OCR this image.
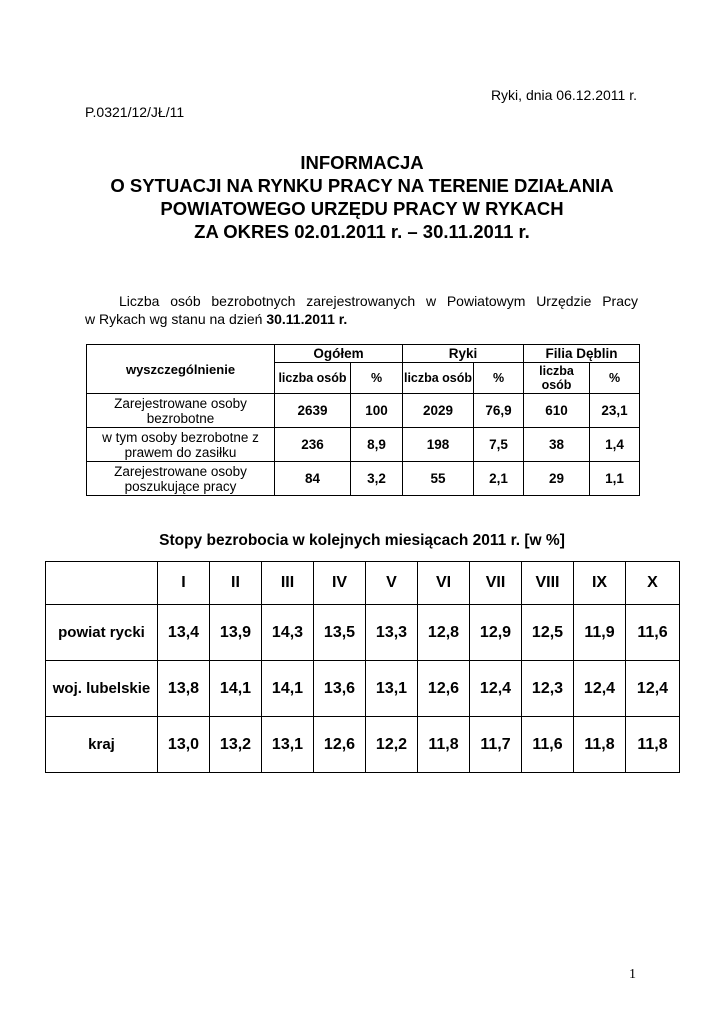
Ryki, dnia 06.12.2011 r.
P.0321/12/JŁ/11
INFORMACJA
O SYTUACJI NA RYNKU PRACY NA TERENIE DZIAŁANIA
POWIATOWEGO URZĘDU PRACY W RYKACH
ZA OKRES 02.01.2011 r. – 30.11.2011 r.
Liczba osób bezrobotnych zarejestrowanych w Powiatowym Urzędzie Pracy
w Rykach wg stanu na dzień 30.11.2011 r.
wyszczególnienie	Ogółem		Ryki		Filia Dęblin	
	liczba osób	%	liczba osób	%	liczba osób	%
Zarejestrowane osoby bezrobotne	2639	100	2029	76,9	610	23,1
w tym osoby bezrobotne z prawem do zasiłku	236	8,9	198	7,5	38	1,4
Zarejestrowane osoby poszukujące pracy	84	3,2	55	2,1	29	1,1
Stopy bezrobocia w kolejnych miesiącach 2011 r. [w %]
	I	II	III	IV	V	VI	VII	VIII	IX	X
powiat rycki	13,4	13,9	14,3	13,5	13,3	12,8	12,9	12,5	11,9	11,6
woj. lubelskie	13,8	14,1	14,1	13,6	13,1	12,6	12,4	12,3	12,4	12,4
kraj	13,0	13,2	13,1	12,6	12,2	11,8	11,7	11,6	11,8	11,8
1
